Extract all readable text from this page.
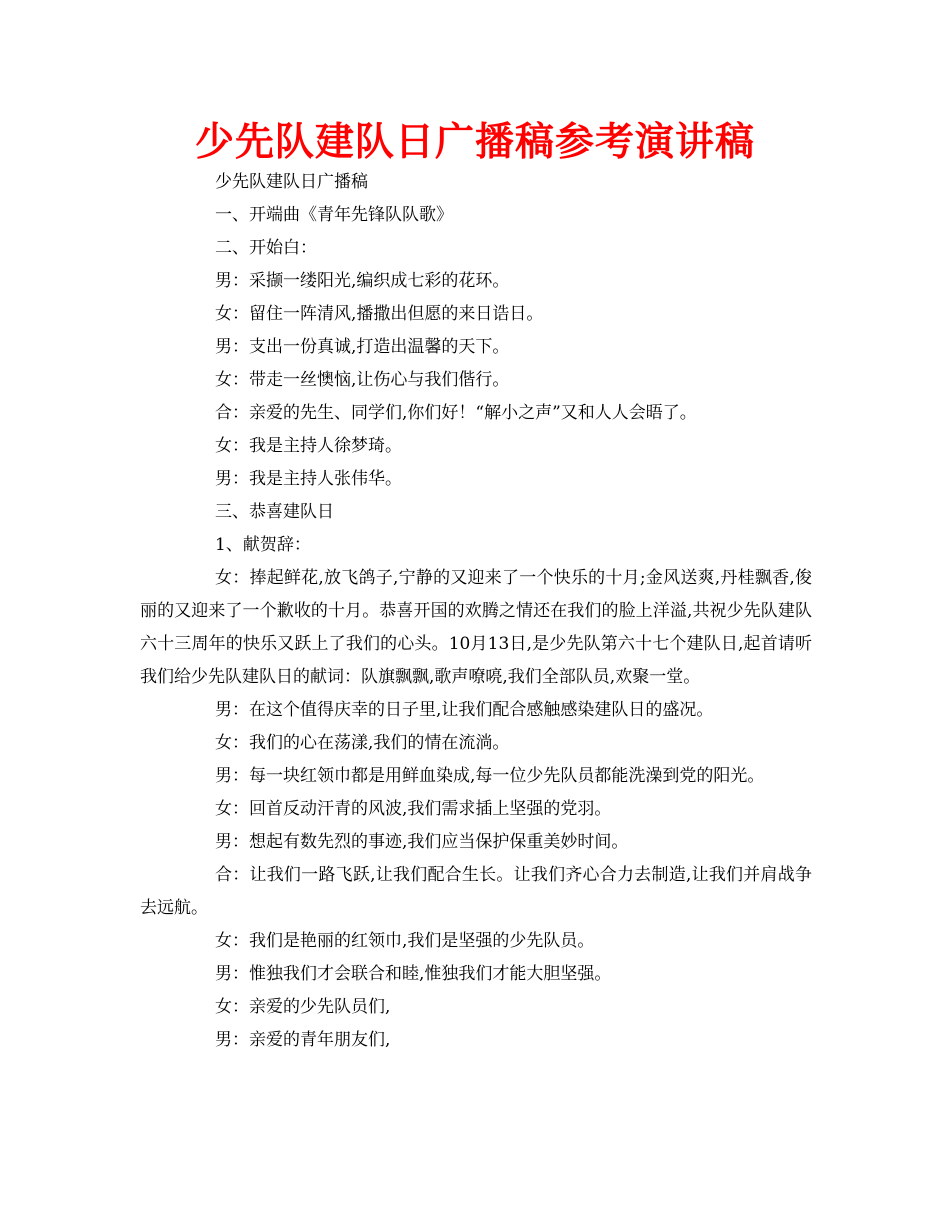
少先队建队日广播稿参考演讲稿

少先队建队日广播稿

一、开端曲《青年先锋队队歌》

二、开始白：

男：采撷一缕阳光,编织成七彩的花环。

女：留住一阵清风,播撒出但愿的来日诰日。

男：支出一份真诚,打造出温馨的天下。

女：带走一丝懊恼,让伤心与我们偕行。

合：亲爱的先生、同学们,你们好！“解小之声”又和人人会晤了。

女：我是主持人徐梦琦。

男：我是主持人张伟华。

三、恭喜建队日

1、献贺辞：

女：捧起鲜花,放飞鸽子,宁静的又迎来了一个快乐的十月;金风送爽,丹桂飘香,俊丽的又迎来了一个歉收的十月。恭喜开国的欢腾之情还在我们的脸上洋溢,共祝少先队建队六十三周年的快乐又跃上了我们的心头。10月13日,是少先队第六十七个建队日,起首请听我们给少先队建队日的献词：队旗飘飘,歌声嘹喨,我们全部队员,欢聚一堂。

男：在这个值得庆幸的日子里,让我们配合感触感染建队日的盛况。

女：我们的心在荡漾,我们的情在流淌。

男：每一块红领巾都是用鲜血染成,每一位少先队员都能洗澡到党的阳光。

女：回首反动汗青的风波,我们需求插上坚强的党羽。

男：想起有数先烈的事迹,我们应当保护保重美妙时间。

合：让我们一路飞跃,让我们配合生长。让我们齐心合力去制造,让我们并肩战争去远航。

女：我们是艳丽的红领巾,我们是坚强的少先队员。

男：惟独我们才会联合和睦,惟独我们才能大胆坚强。

女：亲爱的少先队员们,

男：亲爱的青年朋友们,
